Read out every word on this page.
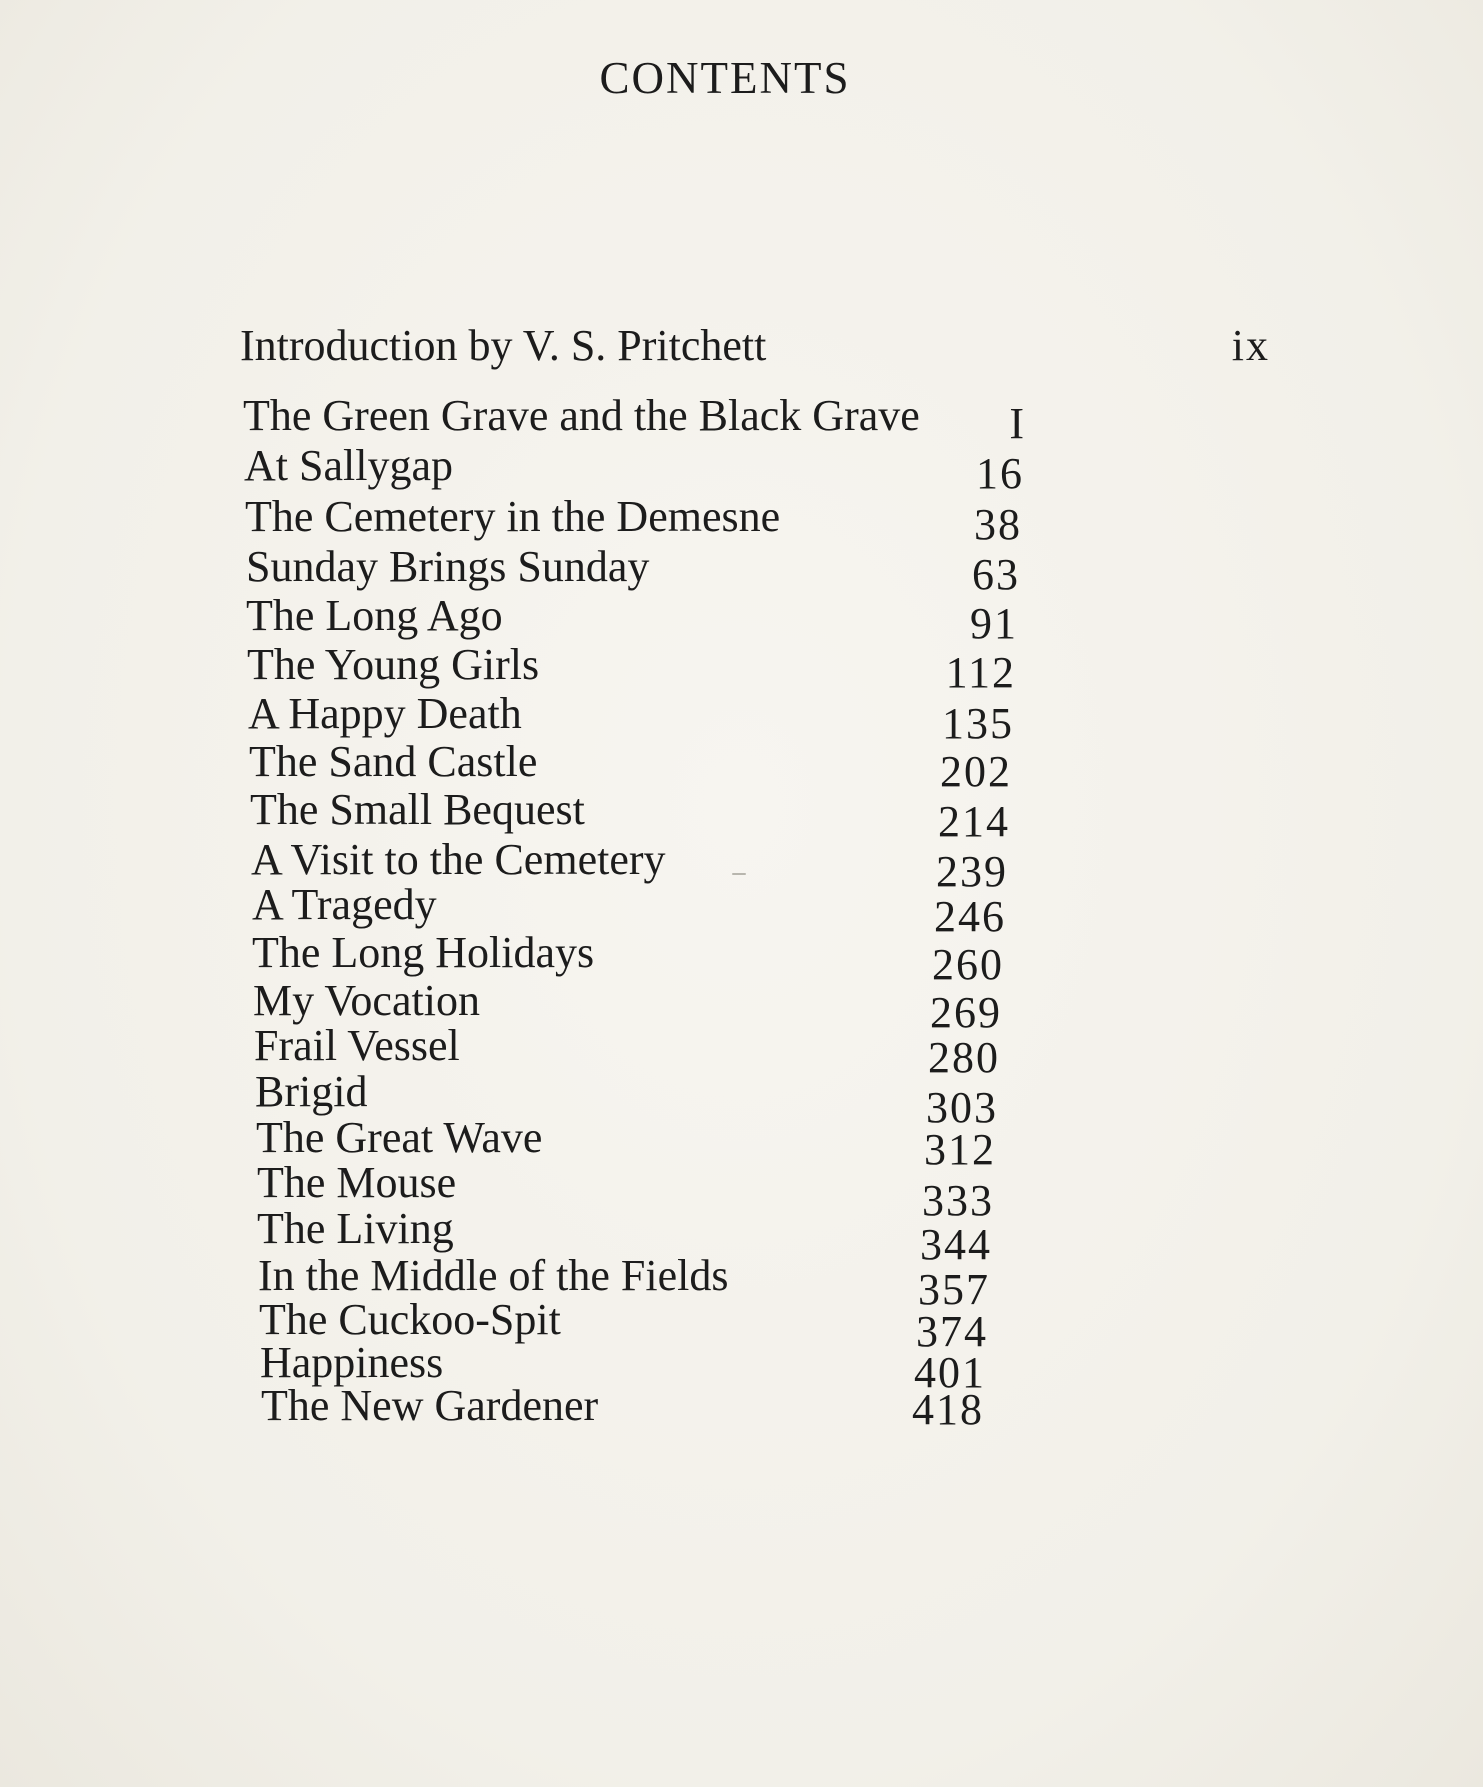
CONTENTS
Introduction by V. S. Pritchett	ix
The Green Grave and the Black Grave	I
At Sallygap	16
The Cemetery in the Demesne	38
Sunday Brings Sunday	63
The Long Ago	91
The Young Girls	112
A Happy Death	135
The Sand Castle	202
The Small Bequest	214
A Visit to the Cemetery	239
A Tragedy	246
The Long Holidays	260
My Vocation	269
Frail Vessel	280
Brigid	303
The Great Wave	312
The Mouse	333
The Living	344
In the Middle of the Fields	357
The Cuckoo-Spit	374
Happiness	401
The New Gardener	418
